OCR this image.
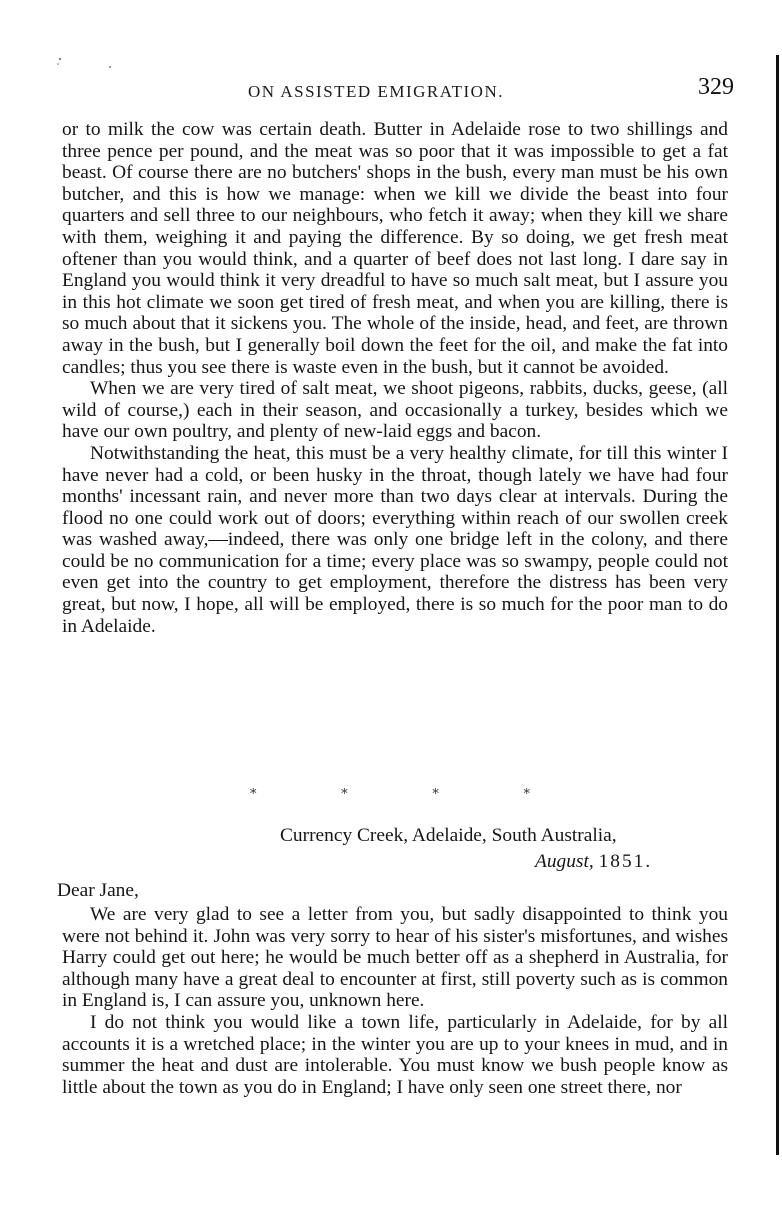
ON ASSISTED EMIGRATION.	329

or to milk the cow was certain death. Butter in Adelaide rose to two shillings and three pence per pound, and the meat was so poor that it was impossible to get a fat beast. Of course there are no butchers' shops in the bush, every man must be his own butcher, and this is how we manage: when we kill we divide the beast into four quarters and sell three to our neighbours, who fetch it away; when they kill we share with them, weighing it and paying the difference. By so doing, we get fresh meat oftener than you would think, and a quarter of beef does not last long. I dare say in England you would think it very dreadful to have so much salt meat, but I assure you in this hot climate we soon get tired of fresh meat, and when you are killing, there is so much about that it sickens you. The whole of the inside, head, and feet, are thrown away in the bush, but I generally boil down the feet for the oil, and make the fat into candles; thus you see there is waste even in the bush, but it cannot be avoided.

When we are very tired of salt meat, we shoot pigeons, rabbits, ducks, geese, (all wild of course,) each in their season, and occasionally a turkey, besides which we have our own poultry, and plenty of new-laid eggs and bacon.

Notwithstanding the heat, this must be a very healthy climate, for till this winter I have never had a cold, or been husky in the throat, though lately we have had four months' incessant rain, and never more than two days clear at intervals. During the flood no one could work out of doors; everything within reach of our swollen creek was washed away,—indeed, there was only one bridge left in the colony, and there could be no communication for a time; every place was so swampy, people could not even get into the country to get employment, therefore the distress has been very great, but now, I hope, all will be employed, there is so much for the poor man to do in Adelaide.

*	*	*	*
Currency Creek, Adelaide, South Australia,
August, 1851.
Dear Jane,

We are very glad to see a letter from you, but sadly disappointed to think you were not behind it. John was very sorry to hear of his sister's misfortunes, and wishes Harry could get out here; he would be much better off as a shepherd in Australia, for although many have a great deal to encounter at first, still poverty such as is common in England is, I can assure you, unknown here.

I do not think you would like a town life, particularly in Adelaide, for by all accounts it is a wretched place; in the winter you are up to your knees in mud, and in summer the heat and dust are intolerable. You must know we bush people know as little about the town as you do in England; I have only seen one street there, nor
